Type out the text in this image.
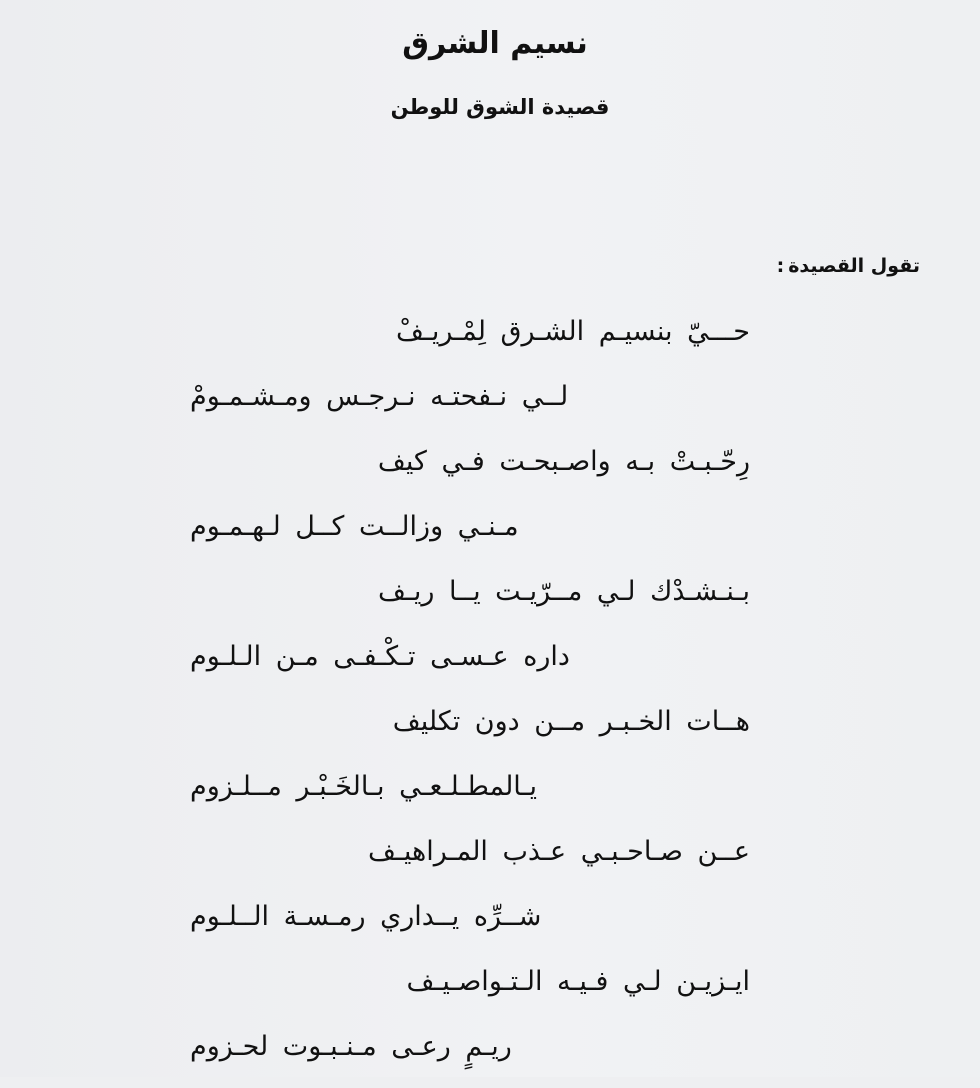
نسيم الشرق
قصيدة الشوق للوطن

تقول القصيدة:

حـــيّ بنسيـم الشـرق لِمْـريـفْ
لــي نـفحتـه نـرجـس ومـشـمـومْ
رِحّـبـتْ بـه واصـبحـت فـي كيف
مـنـي وزالــت كــل لـهـمـوم
بـنـشـدْك لـي مــرّيـت يــا ريـف
داره عـسـى تـكْـفـى مـن الـلـوم
هــات الخـبـر مــن دون تكليف
يـالمطـلـعـي بـالخَـبْـر مــلـزوم
عــن صـاحـبـي عـذب المـراهيـف
شــرِّه يــداري رمـسـة الــلـوم
ايـزيـن لـي فـيـه الـتـواصـيـف
ريـمٍ رعـى مـنـبـوت لحـزوم
